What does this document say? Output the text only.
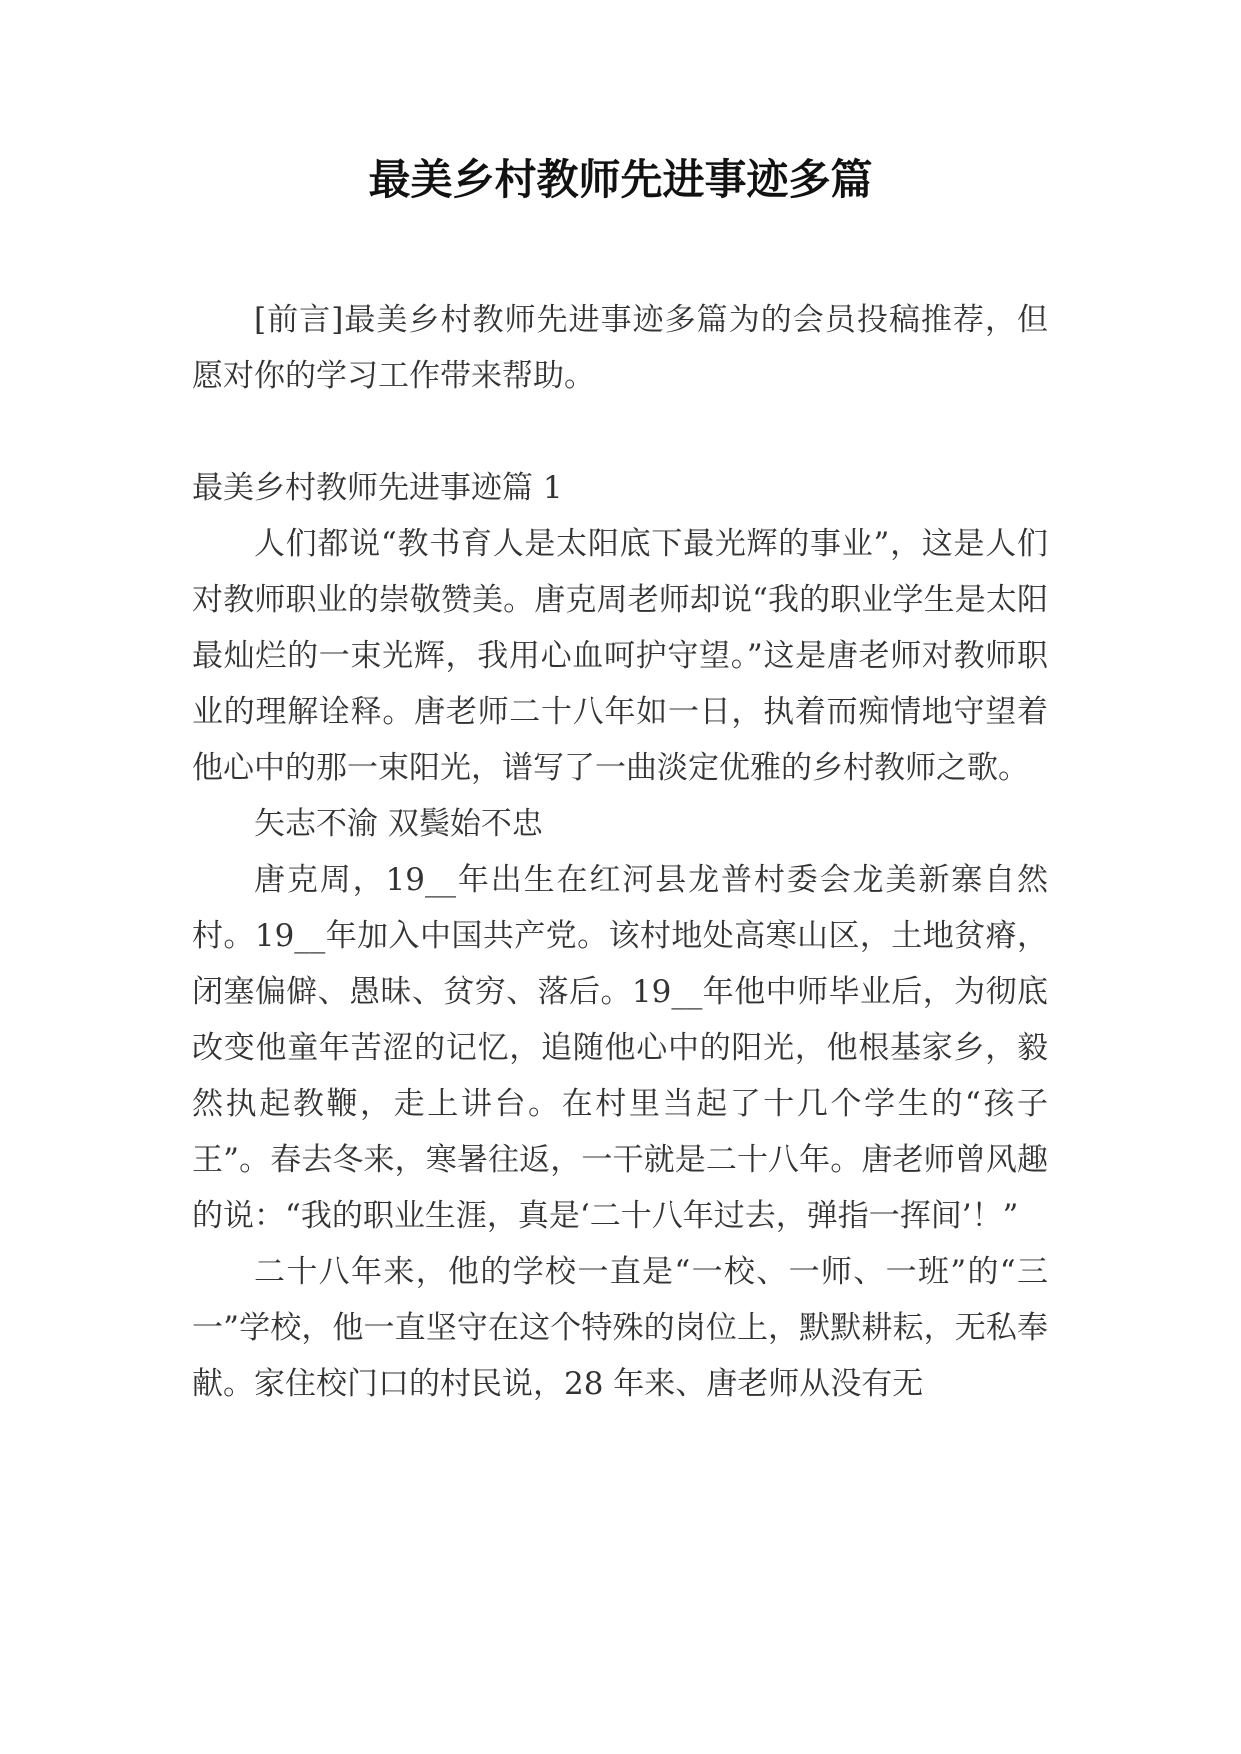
最美乡村教师先进事迹多篇

[前言]最美乡村教师先进事迹多篇为的会员投稿推荐，但愿对你的学习工作带来帮助。

最美乡村教师先进事迹篇 1

人们都说“教书育人是太阳底下最光辉的事业”，这是人们对教师职业的崇敬赞美。唐克周老师却说“我的职业学生是太阳最灿烂的一束光辉，我用心血呵护守望。”这是唐老师对教师职业的理解诠释。唐老师二十八年如一日，执着而痴情地守望着他心中的那一束阳光，谱写了一曲淡定优雅的乡村教师之歌。

矢志不渝 双鬓始不忠

唐克周，19__年出生在红河县龙普村委会龙美新寨自然村。19__年加入中国共产党。该村地处高寒山区，土地贫瘠，闭塞偏僻、愚昧、贫穷、落后。19__年他中师毕业后，为彻底改变他童年苦涩的记忆，追随他心中的阳光，他根基家乡，毅然执起教鞭，走上讲台。在村里当起了十几个学生的“孩子王”。春去冬来，寒暑往返，一干就是二十八年。唐老师曾风趣的说：“我的职业生涯，真是‘二十八年过去，弹指一挥间’！”

二十八年来，他的学校一直是“一校、一师、一班”的“三一”学校，他一直坚守在这个特殊的岗位上，默默耕耘，无私奉献。家住校门口的村民说，28 年来、唐老师从没有无
